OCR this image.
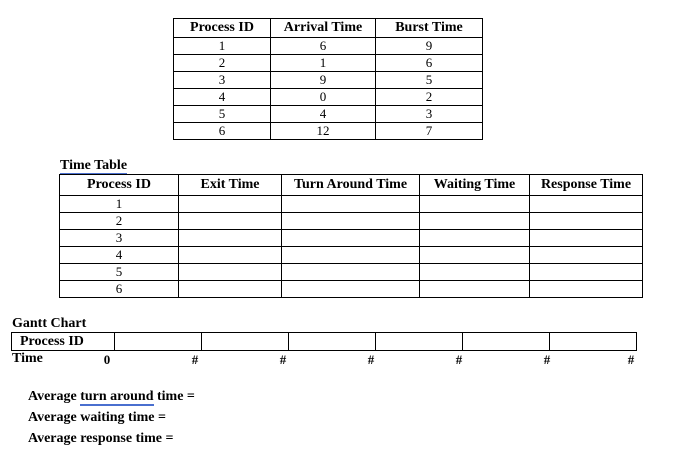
Process ID	Arrival Time	Burst Time
1	6	9
2	1	6
3	9	5
4	0	2
5	4	3
6	12	7
Time Table
Process ID	Exit Time	Turn Around Time	Waiting Time	Response Time
1				
2				
3				
4				
5				
6				
Gantt Chart
Process ID						
Time	0	#	#	#	#	#	#
Average turn around time =
Average waiting time =
Average response time =
